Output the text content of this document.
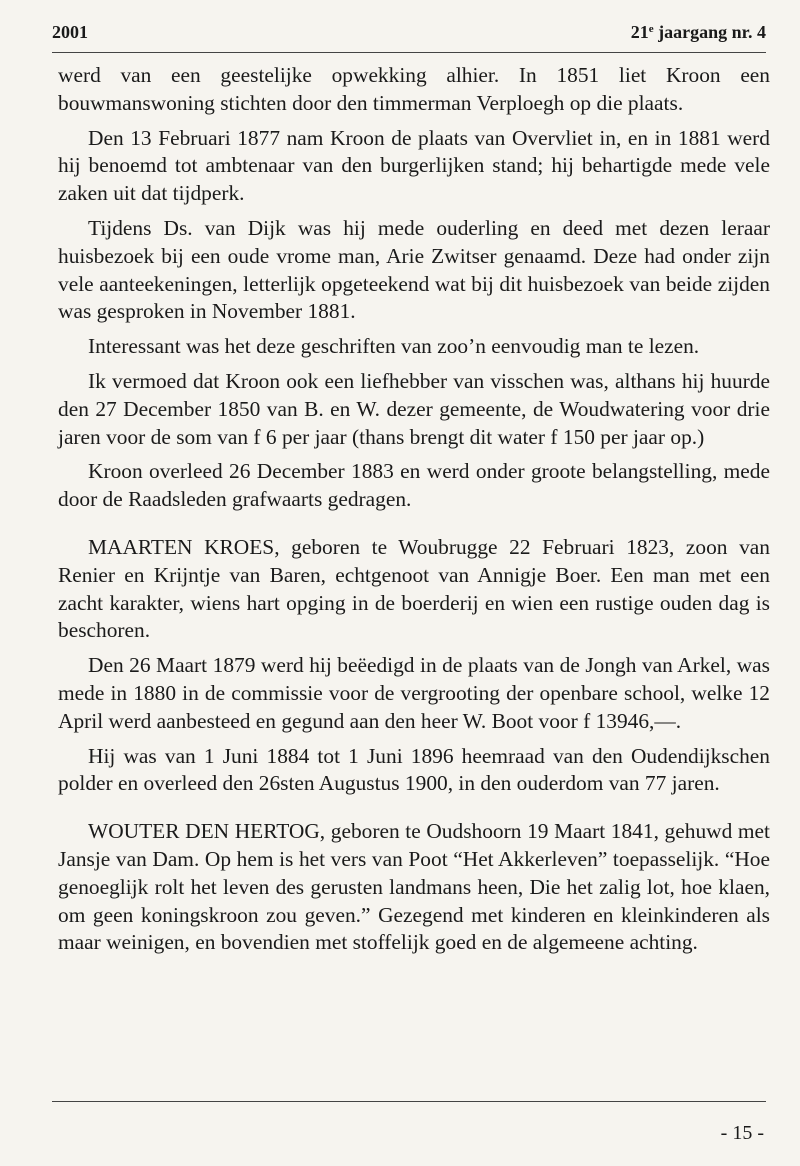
2001	21e jaargang nr. 4

werd van een geestelijke opwekking alhier. In 1851 liet Kroon een bouwmanswoning stichten door den timmerman Verploegh op die plaats.

Den 13 Februari 1877 nam Kroon de plaats van Overvliet in, en in 1881 werd hij benoemd tot ambtenaar van den burgerlijken stand; hij behartigde mede vele zaken uit dat tijdperk.

Tijdens Ds. van Dijk was hij mede ouderling en deed met dezen leraar huisbezoek bij een oude vrome man, Arie Zwitser genaamd. Deze had onder zijn vele aanteekeningen, letterlijk opgeteekend wat bij dit huisbezoek van beide zijden was gesproken in November 1881.

Interessant was het deze geschriften van zoo’n eenvoudig man te lezen.

Ik vermoed dat Kroon ook een liefhebber van visschen was, althans hij huurde den 27 December 1850 van B. en W. dezer gemeente, de Woudwatering voor drie jaren voor de som van f 6 per jaar (thans brengt dit water f 150 per jaar op.)

Kroon overleed 26 December 1883 en werd onder groote belangstelling, mede door de Raadsleden grafwaarts gedragen.

MAARTEN KROES, geboren te Woubrugge 22 Februari 1823, zoon van Renier en Krijntje van Baren, echtgenoot van Annigje Boer. Een man met een zacht karakter, wiens hart opging in de boerderij en wien een rustige ouden dag is beschoren.

Den 26 Maart 1879 werd hij beëedigd in de plaats van de Jongh van Arkel, was mede in 1880 in de commissie voor de vergrooting der openbare school, welke 12 April werd aanbesteed en gegund aan den heer W. Boot voor f 13946,—.

Hij was van 1 Juni 1884 tot 1 Juni 1896 heemraad van den Oudendijkschen polder en overleed den 26sten Augustus 1900, in den ouderdom van 77 jaren.

WOUTER DEN HERTOG, geboren te Oudshoorn 19 Maart 1841, gehuwd met Jansje van Dam. Op hem is het vers van Poot “Het Akkerleven” toepasselijk. “Hoe genoeglijk rolt het leven des gerusten landmans heen, Die het zalig lot, hoe klaen, om geen koningskroon zou geven.” Gezegend met kinderen en kleinkinderen als maar weinigen, en bovendien met stoffelijk goed en de algemeene achting.

- 15 -
